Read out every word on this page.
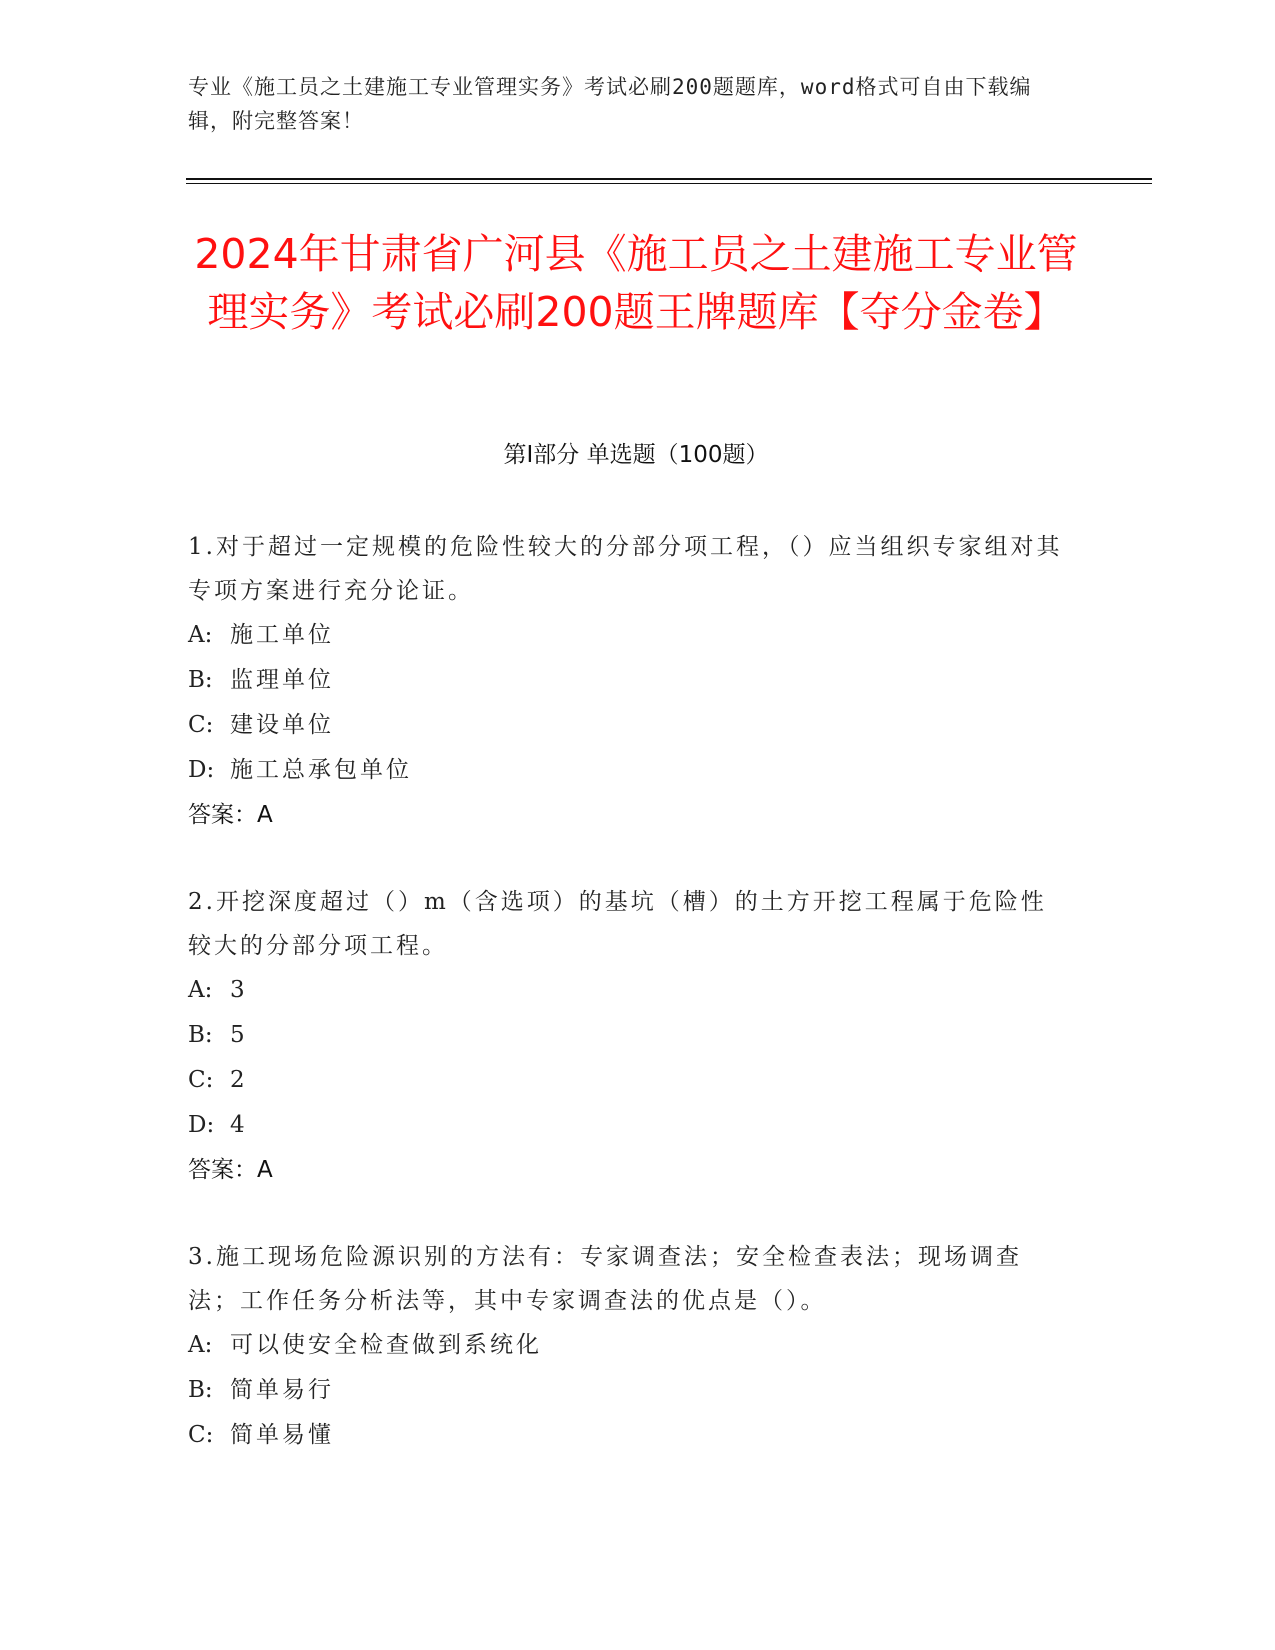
专业《施工员之土建施工专业管理实务》考试必刷200题题库，word格式可自由下载编辑，附完整答案！
2024年甘肃省广河县《施工员之土建施工专业管理实务》考试必刷200题王牌题库【夺分金卷】
第I部分 单选题（100题）
1.对于超过一定规模的危险性较大的分部分项工程，（）应当组织专家组对其专项方案进行充分论证。
A: 施工单位
B: 监理单位
C: 建设单位
D: 施工总承包单位
答案：A
2.开挖深度超过（）m（含选项）的基坑（槽）的土方开挖工程属于危险性较大的分部分项工程。
A: 3
B: 5
C: 2
D: 4
答案：A
3.施工现场危险源识别的方法有：专家调查法；安全检查表法；现场调查法；工作任务分析法等，其中专家调查法的优点是（）。
A: 可以使安全检查做到系统化
B: 简单易行
C: 简单易懂
